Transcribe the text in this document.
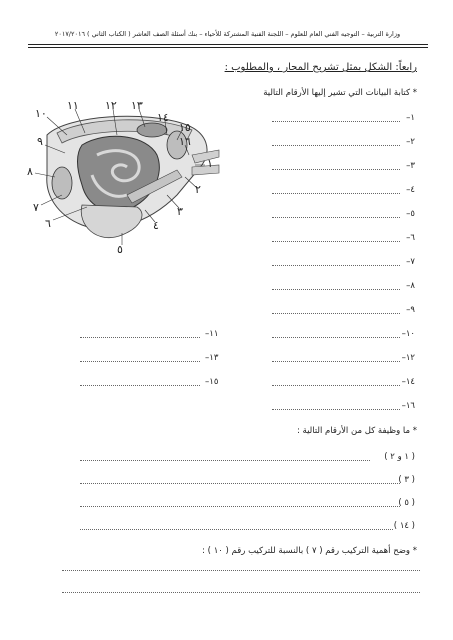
وزارة التربية – التوجيه الفني العام للعلوم – اللجنة الفنية المشتركة للأحياء – بنك أسئلة الصف العاشر ( الكتاب الثاني ) ٢٠١٧/٢٠١٦
رابعاً: الشكل يمثل تشريح المحار ، والمطلوب :
١٠
١١ ١٢ ١٣
١٤
١٥
١٦
٩
٨
٧
٦
٥
٤
٣
٢
١
* كتابة البيانات التي تشير إليها الأرقام التالية
١–
٢–
٣–
٤–
٥–
٦–
٧–
٨–
٩–
١٠–
١١–
١٣–
١٥–
١٢–
١٤–
١٦–
* ما وظيفة كل من الأرقام التالية :
( ١ و ٢ )
( ٣ )
( ٥ )
( ١٤ )
* وضح أهمية التركيب رقم ( ٧ ) بالنسبة للتركيب رقم ( ١٠ ) :
